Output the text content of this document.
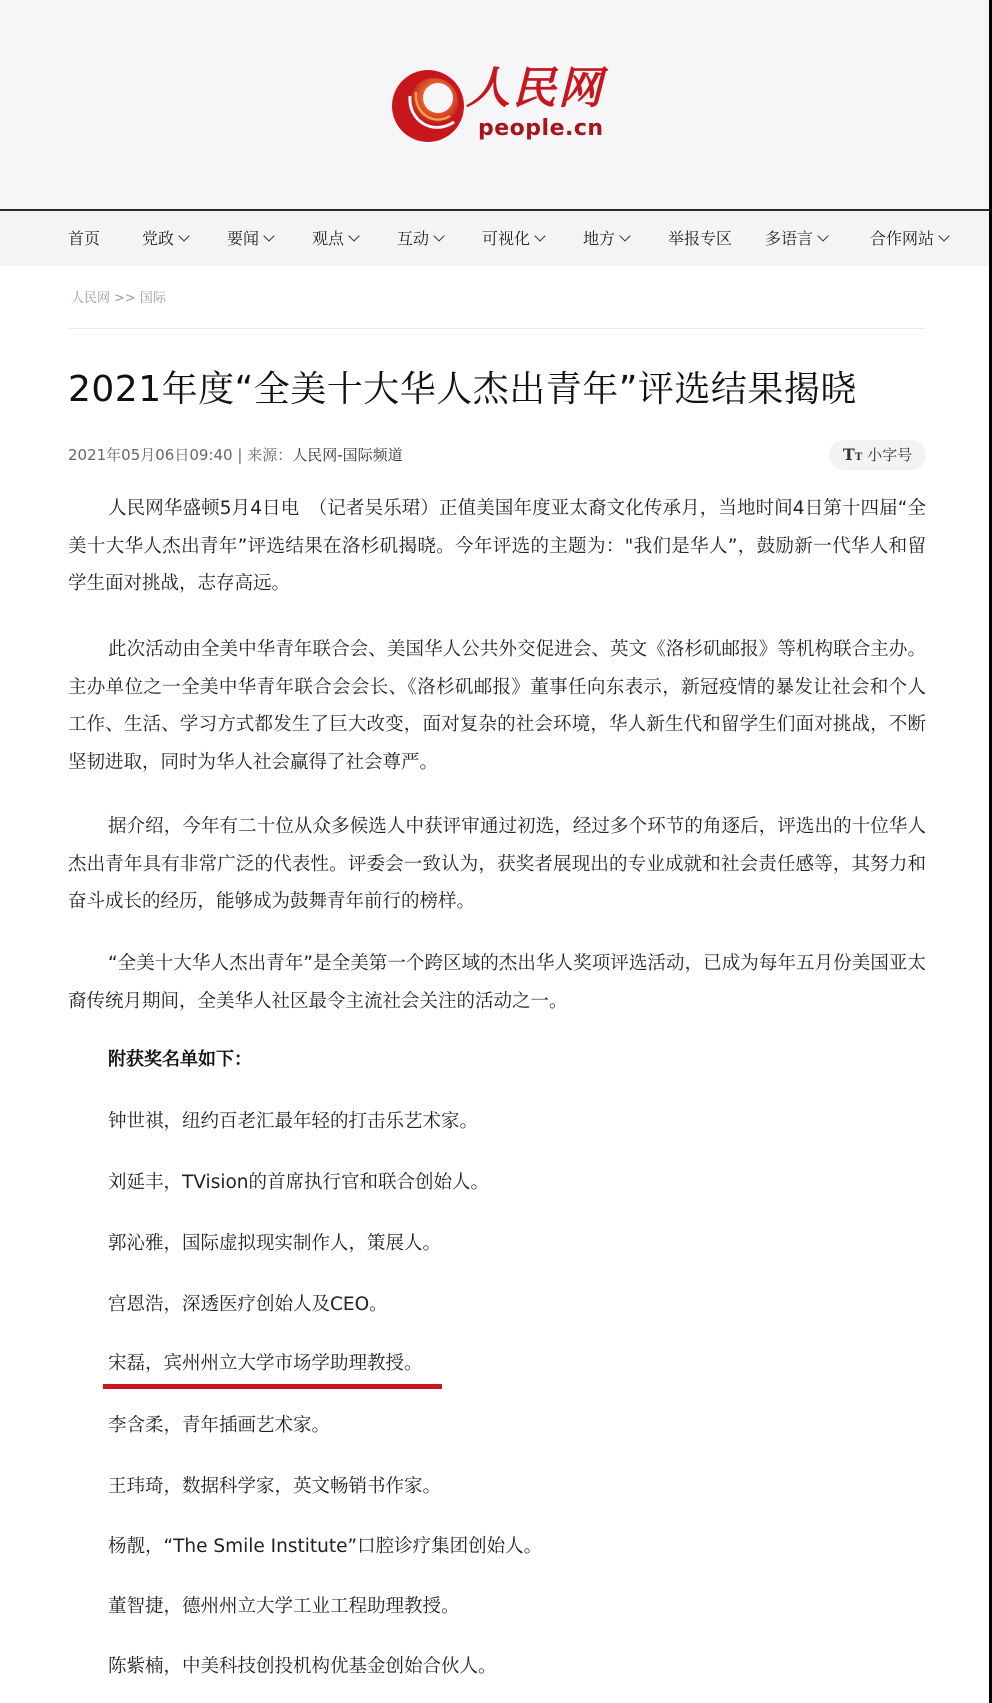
人民网
people.cn
首页	党政	要闻	观点	互动	可视化	地方	举报专区 多语言	合作网站
人民网 >> 国际
2021年度“全美十大华人杰出青年”评选结果揭晓
2021年05月06日09:40 | 来源：人民网-国际频道	TT 小字号

人民网华盛顿5月4日电　（记者吴乐珺）正值美国年度亚太裔文化传承月，当地时间4日第十四届“全美十大华人杰出青年”评选结果在洛杉矶揭晓。今年评选的主题为："我们是华人”，鼓励新一代华人和留学生面对挑战，志存高远。

此次活动由全美中华青年联合会、美国华人公共外交促进会、英文《洛杉矶邮报》等机构联合主办。主办单位之一全美中华青年联合会会长、《洛杉矶邮报》董事任向东表示，新冠疫情的暴发让社会和个人工作、生活、学习方式都发生了巨大改变，面对复杂的社会环境，华人新生代和留学生们面对挑战，不断坚韧进取，同时为华人社会赢得了社会尊严。

据介绍，今年有二十位从众多候选人中获评审通过初选，经过多个环节的角逐后，评选出的十位华人杰出青年具有非常广泛的代表性。评委会一致认为，获奖者展现出的专业成就和社会责任感等，其努力和奋斗成长的经历，能够成为鼓舞青年前行的榜样。

“全美十大华人杰出青年”是全美第一个跨区域的杰出华人奖项评选活动，已成为每年五月份美国亚太裔传统月期间，全美华人社区最令主流社会关注的活动之一。

附获奖名单如下：
钟世祺，纽约百老汇最年轻的打击乐艺术家。
刘延丰，TVision的首席执行官和联合创始人。
郭沁雅，国际虚拟现实制作人，策展人。
宫恩浩，深透医疗创始人及CEO。
宋磊，宾州州立大学市场学助理教授。
李含柔，青年插画艺术家。
王玮琦，数据科学家，英文畅销书作家。
杨靓，“The Smile Institute”口腔诊疗集团创始人。
董智捷，德州州立大学工业工程助理教授。
陈紫楠，中美科技创投机构优基金创始合伙人。
